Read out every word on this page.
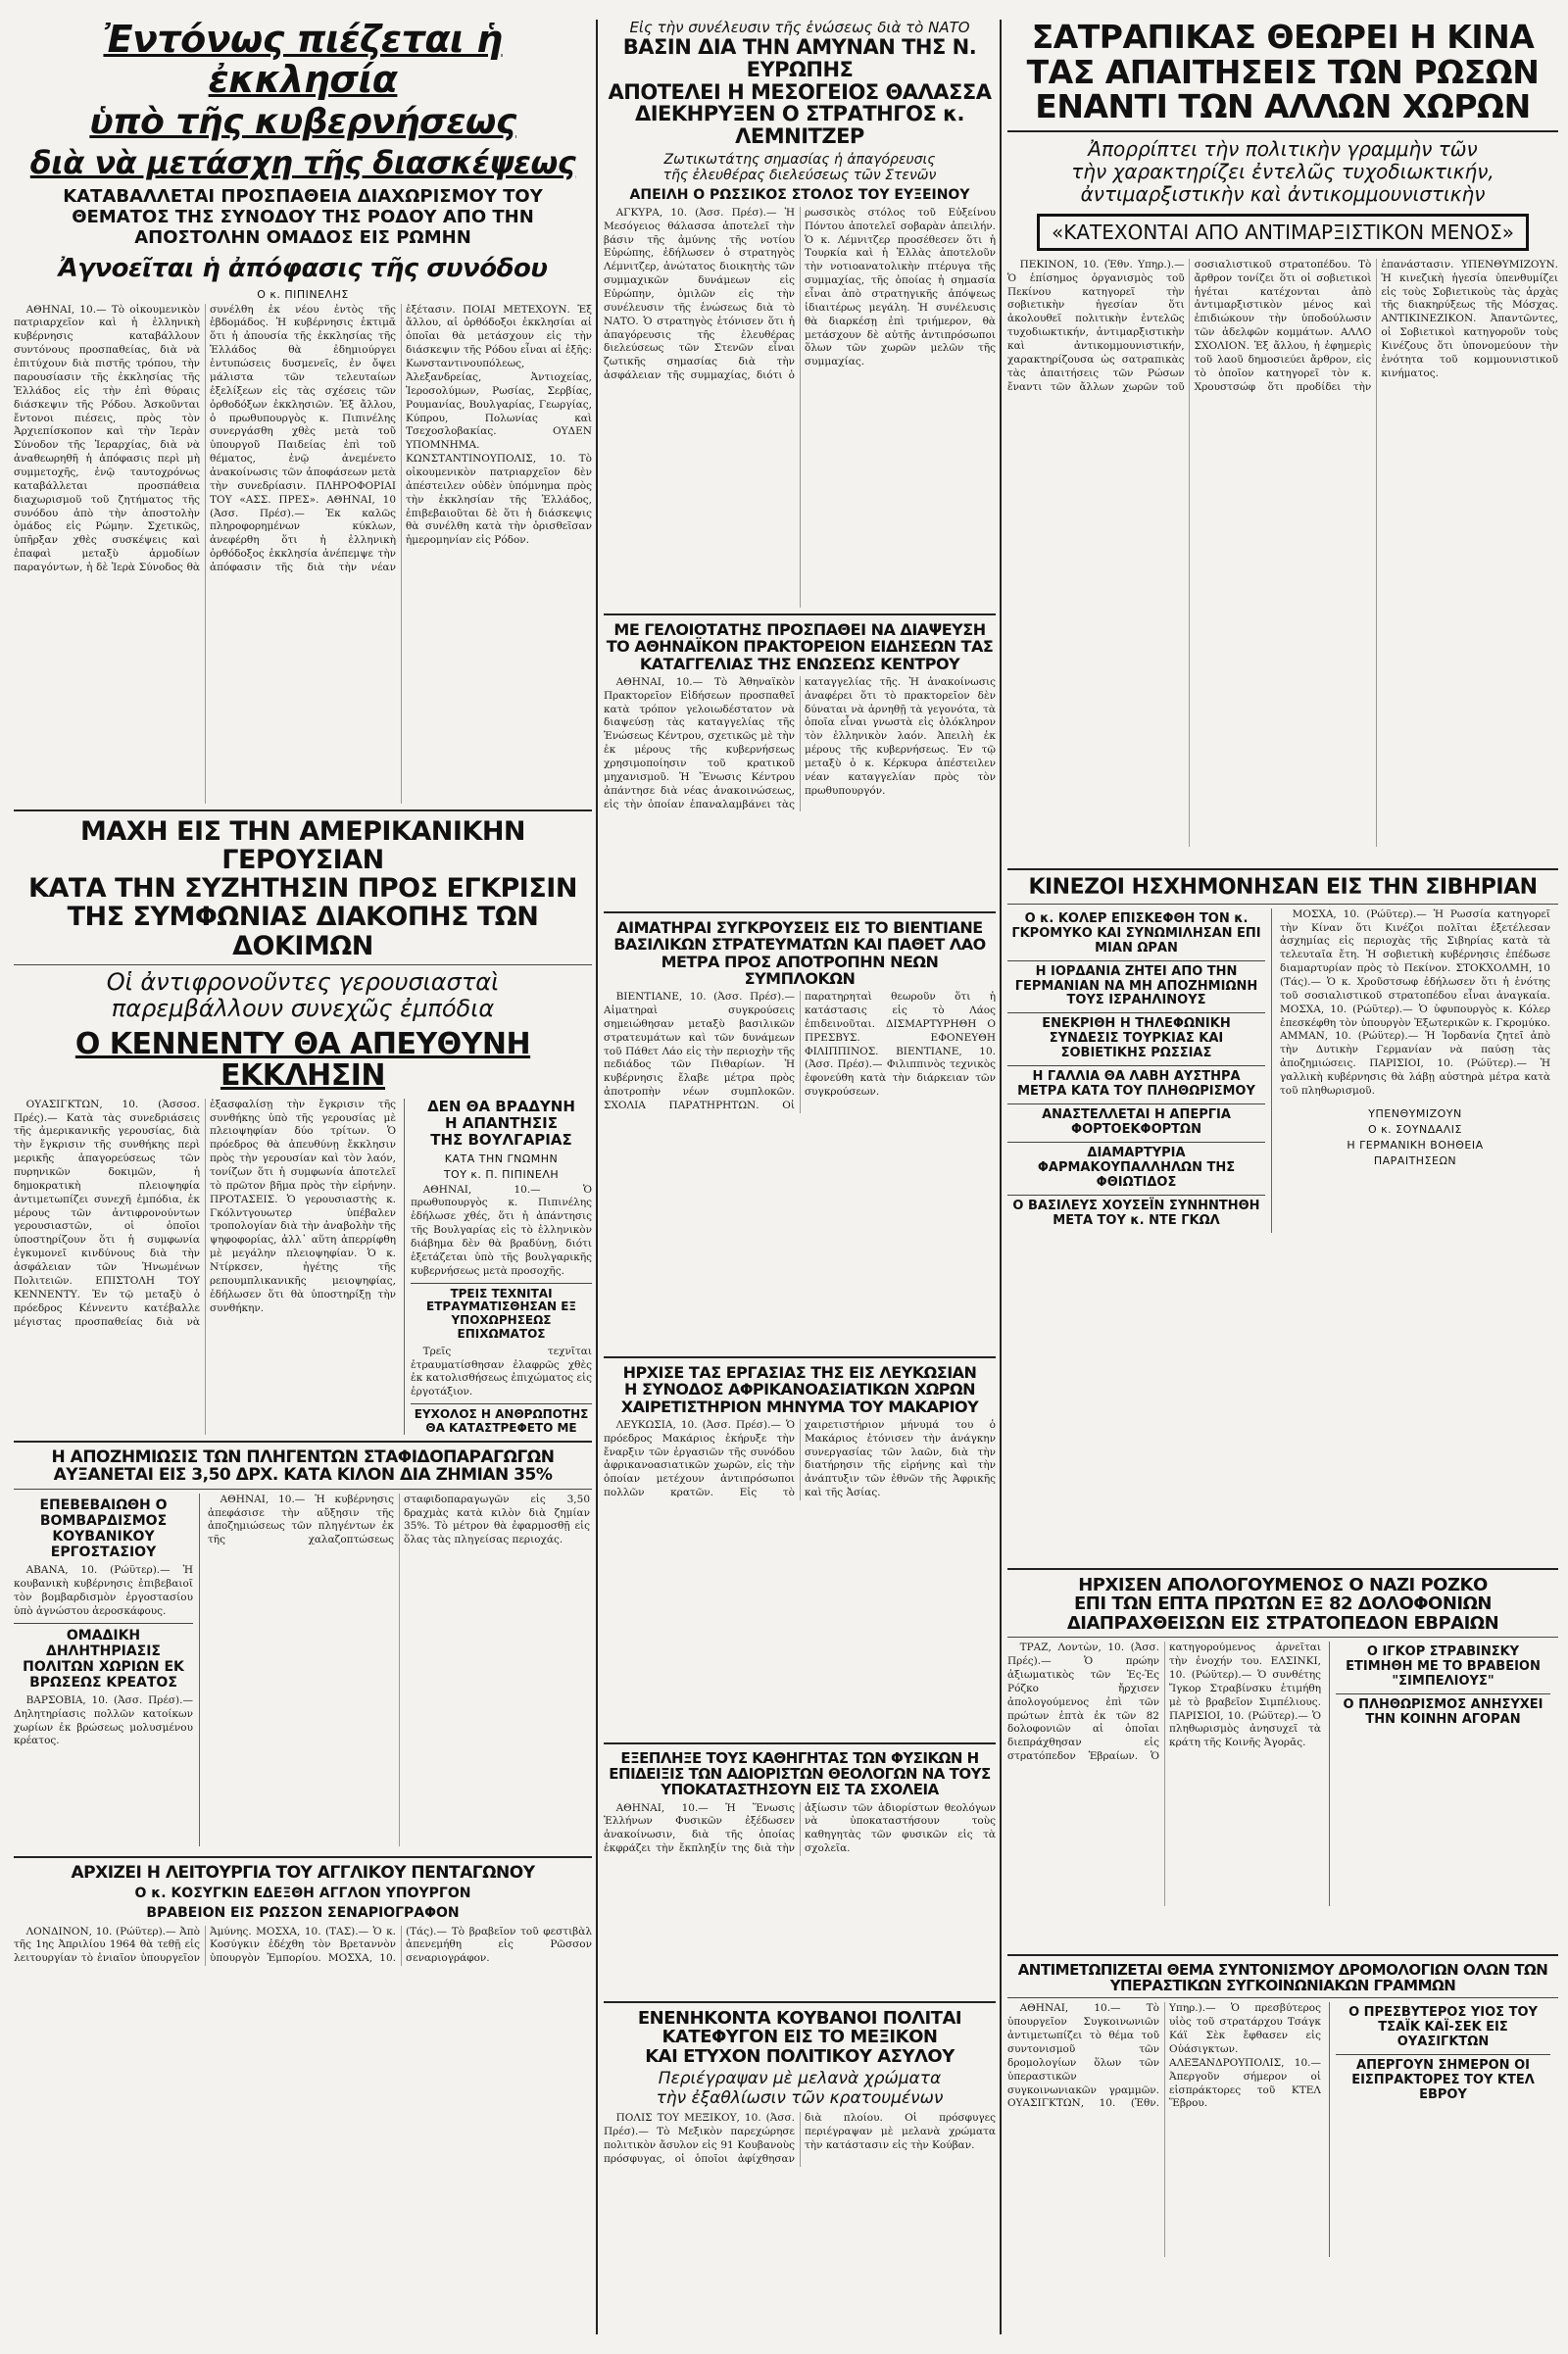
Ἐντόνως πιέζεται ἡ ἐκκλησία
ὑπὸ τῆς κυβερνήσεως
διὰ νὰ μετάσχη τῆς διασκέψεως
ΚΑΤΑΒΑΛΛΕΤΑΙ ΠΡΟΣΠΑΘΕΙΑ ΔΙΑΧΩΡΙΣΜΟΥ ΤΟΥ ΘΕΜΑΤΟΣ ΤΗΣ ΣΥΝΟΔΟΥ ΤΗΣ ΡΟΔΟΥ ΑΠΟ ΤΗΝ ΑΠΟΣΤΟΛΗΝ ΟΜΑΔΟΣ ΕΙΣ ΡΩΜΗΝ
Ἀγνοεῖται ἡ ἀπόφασις τῆς συνόδου
Ο κ. ΠΙΠΙΝΕΛΗΣ
ΑΘΗΝΑΙ, 10.— Τὸ οἰκουμενικὸν πατριαρχεῖον καὶ ἡ ἑλληνικὴ κυβέρνησις καταβάλλουν συντόνους προσπαθείας, διὰ νὰ ἐπιτύχουν διὰ πιστῆς τρόπου, τὴν παρουσίασιν τῆς ἐκκλησίας τῆς Ἑλλάδος εἰς τὴν ἐπὶ θύραις διάσκεψιν τῆς Ρόδου. Ἀσκοῦνται ἔντονοι πιέσεις, πρὸς τὸν Ἀρχιεπίσκοπον καὶ τὴν Ἱερὰν Σύνοδον τῆς Ἱεραρχίας, διὰ νὰ ἀναθεωρηθῆ ἡ ἀπόφασις περὶ μὴ συμμετοχῆς, ἐνῷ ταυτοχρόνως καταβάλλεται προσπάθεια διαχωρισμοῦ τοῦ ζητήματος τῆς συνόδου ἀπὸ τὴν ἀποστολὴν ὁμάδος εἰς Ρώμην. Σχετικῶς, ὑπῆρξαν χθὲς συσκέψεις καὶ ἐπαφαὶ μεταξὺ ἁρμοδίων παραγόντων, ἡ δὲ Ἱερὰ Σύνοδος θὰ συνέλθη ἐκ νέου ἐντὸς τῆς ἑβδομάδος. Ἡ κυβέρνησις ἐκτιμᾶ ὅτι ἡ ἀπουσία τῆς ἐκκλησίας τῆς Ἑλλάδος θὰ ἐδημιούργει ἐντυπώσεις δυσμενεῖς, ἐν ὄψει μάλιστα τῶν τελευταίων ἐξελίξεων εἰς τὰς σχέσεις τῶν ὀρθοδόξων ἐκκλησιῶν. Ἐξ ἄλλου, ὁ πρωθυπουργὸς κ. Πιπινέλης συνεργάσθη χθὲς μετὰ τοῦ ὑπουργοῦ Παιδείας ἐπὶ τοῦ θέματος, ἐνῷ ἀνεμένετο ἀνακοίνωσις τῶν ἀποφάσεων μετὰ τὴν συνεδρίασιν. ΠΛΗΡΟΦΟΡΙΑΙ ΤΟΥ «ΑΣΣ. ΠΡΕΣ». ΑΘΗΝΑΙ, 10 (Ἀσσ. Πρέσ).— Ἐκ καλῶς πληροφορημένων κύκλων, ἀνεφέρθη ὅτι ἡ ἑλληνικὴ ὀρθόδοξος ἐκκλησία ἀνέπεμψε τὴν ἀπόφασιν τῆς διὰ τὴν νέαν ἐξέτασιν. ΠΟΙΑΙ ΜΕΤΕΧΟΥΝ. Ἐξ ἄλλου, αἱ ὀρθόδοξοι ἐκκλησίαι αἱ ὁποῖαι θὰ μετάσχουν εἰς τὴν διάσκεψιν τῆς Ρόδου εἶναι αἱ ἐξῆς: Κωνσταντινουπόλεως, Ἀλεξανδρείας, Ἀντιοχείας, Ἱεροσολύμων, Ρωσίας, Σερβίας, Ρουμανίας, Βουλγαρίας, Γεωργίας, Κύπρου, Πολωνίας καὶ Τσεχοσλοβακίας. ΟΥΔΕΝ ΥΠΟΜΝΗΜΑ. ΚΩΝΣΤΑΝΤΙΝΟΥΠΟΛΙΣ, 10. Τὸ οἰκουμενικὸν πατριαρχεῖον δὲν ἀπέστειλεν οὐδὲν ὑπόμνημα πρὸς τὴν ἐκκλησίαν τῆς Ἑλλάδος, ἐπιβεβαιοῦται δὲ ὅτι ἡ διάσκεψις θὰ συνέλθη κατὰ τὴν ὁρισθεῖσαν ἡμερομηνίαν εἰς Ρόδον.
ΜΑΧΗ ΕΙΣ ΤΗΝ ΑΜΕΡΙΚΑΝΙΚΗΝ ΓΕΡΟΥΣΙΑΝ
ΚΑΤΑ ΤΗΝ ΣΥΖΗΤΗΣΙΝ ΠΡΟΣ ΕΓΚΡΙΣΙΝ
ΤΗΣ ΣΥΜΦΩΝΙΑΣ ΔΙΑΚΟΠΗΣ ΤΩΝ ΔΟΚΙΜΩΝ
Οἱ ἀντιφρονοῦντες γερουσιασταὶ
παρεμβάλλουν συνεχῶς ἐμπόδια
Ο ΚΕΝΝΕΝΤΥ ΘΑ ΑΠΕΥΘΥΝΗ ΕΚΚΛΗΣΙΝ
ΟΥΑΣΙΓΚΤΩΝ, 10. (Ἀσσοσ. Πρές).— Κατὰ τὰς συνεδριάσεις τῆς ἀμερικανικῆς γερουσίας, διὰ τὴν ἔγκρισιν τῆς συνθήκης περὶ μερικῆς ἀπαγορεύσεως τῶν πυρηνικῶν δοκιμῶν, ἡ δημοκρατικὴ πλειοψηφία ἀντιμετωπίζει συνεχῆ ἐμπόδια, ἐκ μέρους τῶν ἀντιφρονούντων γερουσιαστῶν, οἱ ὁποῖοι ὑποστηρίζουν ὅτι ἡ συμφωνία ἐγκυμονεῖ κινδύνους διὰ τὴν ἀσφάλειαν τῶν Ἡνωμένων Πολιτειῶν. ΕΠΙΣΤΟΛΗ ΤΟΥ ΚΕΝΝΕΝΤΥ. Ἐν τῷ μεταξὺ ὁ πρόεδρος Κέννεντυ κατέβαλλε μέγιστας προσπαθείας διὰ νὰ ἐξασφαλίσῃ τὴν ἔγκρισιν τῆς συνθήκης ὑπὸ τῆς γερουσίας μὲ πλειοψηφίαν δύο τρίτων. Ὁ πρόεδρος θὰ ἀπευθύνῃ ἔκκλησιν πρὸς τὴν γερουσίαν καὶ τὸν λαόν, τονίζων ὅτι ἡ συμφωνία ἀποτελεῖ τὸ πρῶτον βῆμα πρὸς τὴν εἰρήνην. ΠΡΟΤΑΣΕΙΣ. Ὁ γερουσιαστὴς κ. Γκόλντγουωτερ ὑπέβαλεν τροπολογίαν διὰ τὴν ἀναβολὴν τῆς ψηφοφορίας, ἀλλ᾿ αὕτη ἀπερρίφθη μὲ μεγάλην πλειοψηφίαν. Ὁ κ. Ντίρκσεν, ἡγέτης τῆς ρεπουμπλικανικῆς μειοψηφίας, ἐδήλωσεν ὅτι θὰ ὑποστηρίξῃ τὴν συνθήκην.
ΔΕΝ ΘΑ ΒΡΑΔΥΝΗ
Η ΑΠΑΝΤΗΣΙΣ
ΤΗΣ ΒΟΥΛΓΑΡΙΑΣ
ΚΑΤΑ ΤΗΝ ΓΝΩΜΗΝ
ΤΟΥ κ. Π. ΠΙΠΙΝΕΛΗ
ΑΘΗΝΑΙ, 10.— Ὁ πρωθυπουργὸς κ. Πιπινέλης ἐδήλωσε χθές, ὅτι ἡ ἀπάντησις τῆς Βουλγαρίας εἰς τὸ ἑλληνικὸν διάβημα δὲν θὰ βραδύνῃ, διότι ἐξετάζεται ὑπὸ τῆς βουλγαρικῆς κυβερνήσεως μετὰ προσοχῆς.
ΤΡΕΙΣ ΤΕΧΝΙΤΑΙ ΕΤΡΑΥΜΑΤΙΣΘΗΣΑΝ ΕΞ ΥΠΟΧΩΡΗΣΕΩΣ ΕΠΙΧΩΜΑΤΟΣ
Τρεῖς τεχνῖται ἐτραυματίσθησαν ἐλαφρῶς χθὲς ἐκ κατολισθήσεως ἐπιχώματος εἰς ἐργοτάξιον.
ΕΥΧΟΛΟΣ Η ΑΝΘΡΩΠΟΤΗΣ ΘΑ ΚΑΤΑΣΤΡΕΦΕΤΟ ΜΕ
Η ΑΠΟΖΗΜΙΩΣΙΣ ΤΩΝ ΠΛΗΓΕΝΤΩΝ ΣΤΑΦΙΔΟΠΑΡΑΓΩΓΩΝ ΑΥΞΑΝΕΤΑΙ ΕΙΣ 3,50 ΔΡΧ. ΚΑΤΑ ΚΙΛΟΝ ΔΙΑ ΖΗΜΙΑΝ 35%
ΕΠΕΒΕΒΑΙΩΘΗ Ο ΒΟΜΒΑΡΔΙΣΜΟΣ ΚΟΥΒΑΝΙΚΟΥ ΕΡΓΟΣΤΑΣΙΟΥ
ΑΒΑΝΑ, 10. (Ρώϋτερ).— Ἡ κουβανικὴ κυβέρνησις ἐπιβεβαιοῖ τὸν βομβαρδισμὸν ἐργοστασίου ὑπὸ ἀγνώστου ἀεροσκάφους.
ΟΜΑΔΙΚΗ ΔΗΛΗΤΗΡΙΑΣΙΣ ΠΟΛΙΤΩΝ ΧΩΡΙΩΝ ΕΚ ΒΡΩΣΕΩΣ ΚΡΕΑΤΟΣ
ΒΑΡΣΟΒΙΑ, 10. (Ἀσσ. Πρέσ).— Δηλητηρίασις πολλῶν κατοίκων χωρίων ἐκ βρώσεως μολυσμένου κρέατος.
ΑΘΗΝΑΙ, 10.— Ἡ κυβέρνησις ἀπεφάσισε τὴν αὔξησιν τῆς ἀποζημιώσεως τῶν πληγέντων ἐκ τῆς χαλαζοπτώσεως σταφιδοπαραγωγῶν εἰς 3,50 δραχμὰς κατὰ κιλὸν διὰ ζημίαν 35%. Τὸ μέτρον θὰ ἐφαρμοσθῇ εἰς ὅλας τὰς πληγείσας περιοχάς.
ΑΡΧΙΖΕΙ Η ΛΕΙΤΟΥΡΓΙΑ ΤΟΥ ΑΓΓΛΙΚΟΥ ΠΕΝΤΑΓΩΝΟΥ
Ο κ. ΚΟΣΥΓΚΙΝ ΕΔΕΞΘΗ ΑΓΓΛΟΝ ΥΠΟΥΡΓΟΝ
ΒΡΑΒΕΙΟΝ ΕΙΣ ΡΩΣΣΟΝ ΣΕΝΑΡΙΟΓΡΑΦΟΝ
ΛΟΝΔΙΝΟΝ, 10. (Ρώϋτερ).— Ἀπὸ τῆς 1ης Ἀπριλίου 1964 θὰ τεθῇ εἰς λειτουργίαν τὸ ἑνιαῖον ὑπουργεῖον Ἀμύνης. ΜΟΣΧΑ, 10. (ΤΑΣ).— Ὁ κ. Κοσύγκιν ἐδέχθη τὸν Βρεταννὸν ὑπουργὸν Ἐμπορίου. ΜΟΣΧΑ, 10. (Τάς).— Τὸ βραβεῖον τοῦ φεστιβὰλ ἀπενεμήθη εἰς Ρῶσσον σεναριογράφον.
Εἰς τὴν συνέλευσιν τῆς ἑνώσεως διὰ τὸ ΝΑΤΟ
ΒΑΣΙΝ ΔΙΑ ΤΗΝ ΑΜΥΝΑΝ ΤΗΣ Ν. ΕΥΡΩΠΗΣ
ΑΠΟΤΕΛΕΙ Η ΜΕΣΟΓΕΙΟΣ ΘΑΛΑΣΣΑ
ΔΙΕΚΗΡΥΞΕΝ Ο ΣΤΡΑΤΗΓΟΣ κ. ΛΕΜΝΙΤΖΕΡ
Ζωτικωτάτης σημασίας ἡ ἀπαγόρευσις
τῆς ἐλευθέρας διελεύσεως τῶν Στενῶν
ΑΠΕΙΛΗ Ο ΡΩΣΣΙΚΟΣ ΣΤΟΛΟΣ ΤΟΥ ΕΥΞΕΙΝΟΥ
ΑΓΚΥΡΑ, 10. (Ἀσσ. Πρέσ).— Ἡ Μεσόγειος θάλασσα ἀποτελεῖ τὴν βάσιν τῆς ἀμύνης τῆς νοτίου Εὐρώπης, ἐδήλωσεν ὁ στρατηγὸς Λέμνιτζερ, ἀνώτατος διοικητὴς τῶν συμμαχικῶν δυνάμεων εἰς Εὐρώπην, ὁμιλῶν εἰς τὴν συνέλευσιν τῆς ἑνώσεως διὰ τὸ ΝΑΤΟ. Ὁ στρατηγὸς ἐτόνισεν ὅτι ἡ ἀπαγόρευσις τῆς ἐλευθέρας διελεύσεως τῶν Στενῶν εἶναι ζωτικῆς σημασίας διὰ τὴν ἀσφάλειαν τῆς συμμαχίας, διότι ὁ ρωσσικὸς στόλος τοῦ Εὐξείνου Πόντου ἀποτελεῖ σοβαρὰν ἀπειλήν. Ὁ κ. Λέμνιτζερ προσέθεσεν ὅτι ἡ Τουρκία καὶ ἡ Ἑλλὰς ἀποτελοῦν τὴν νοτιοανατολικὴν πτέρυγα τῆς συμμαχίας, τῆς ὁποίας ἡ σημασία εἶναι ἀπὸ στρατηγικῆς ἀπόψεως ἰδιαιτέρως μεγάλη. Ἡ συνέλευσις θὰ διαρκέσῃ ἐπὶ τριήμερον, θὰ μετάσχουν δὲ αὐτῆς ἀντιπρόσωποι ὅλων τῶν χωρῶν μελῶν τῆς συμμαχίας.
ΜΕ ΓΕΛΟΙΟΤΑΤΗΣ ΠΡΟΣΠΑΘΕΙ ΝΑ ΔΙΑΨΕΥΣΗ ΤΟ ΑΘΗΝΑΪΚΟΝ ΠΡΑΚΤΟΡΕΙΟΝ ΕΙΔΗΣΕΩΝ ΤΑΣ ΚΑΤΑΓΓΕΛΙΑΣ ΤΗΣ ΕΝΩΣΕΩΣ ΚΕΝΤΡΟΥ
ΑΘΗΝΑΙ, 10.— Τὸ Ἀθηναϊκὸν Πρακτορεῖον Εἰδήσεων προσπαθεῖ κατὰ τρόπον γελοιωδέστατον νὰ διαψεύσῃ τὰς καταγγελίας τῆς Ἑνώσεως Κέντρου, σχετικῶς μὲ τὴν ἐκ μέρους τῆς κυβερνήσεως χρησιμοποίησιν τοῦ κρατικοῦ μηχανισμοῦ. Ἡ Ἕνωσις Κέντρου ἀπάντησε διὰ νέας ἀνακοινώσεως, εἰς τὴν ὁποίαν ἐπαναλαμβάνει τὰς καταγγελίας τῆς. Ἡ ἀνακοίνωσις ἀναφέρει ὅτι τὸ πρακτορεῖον δὲν δύναται νὰ ἀρνηθῇ τὰ γεγονότα, τὰ ὁποῖα εἶναι γνωστὰ εἰς ὁλόκληρον τὸν ἑλληνικὸν λαόν. Ἀπειλὴ ἐκ μέρους τῆς κυβερνήσεως. Ἐν τῷ μεταξὺ ὁ κ. Κέρκυρα ἀπέστειλεν νέαν καταγγελίαν πρὸς τὸν πρωθυπουργόν.
ΑΙΜΑΤΗΡΑΙ ΣΥΓΚΡΟΥΣΕΙΣ ΕΙΣ ΤΟ ΒΙΕΝΤΙΑΝΕ
ΒΑΣΙΛΙΚΩΝ ΣΤΡΑΤΕΥΜΑΤΩΝ ΚΑΙ ΠΑΘΕΤ ΛΑΟ
ΜΕΤΡΑ ΠΡΟΣ ΑΠΟΤΡΟΠΗΝ ΝΕΩΝ ΣΥΜΠΛΟΚΩΝ
ΒΙΕΝΤΙΑΝΕ, 10. (Ἀσσ. Πρέσ).— Αἱματηραὶ συγκρούσεις σημειώθησαν μεταξὺ βασιλικῶν στρατευμάτων καὶ τῶν δυνάμεων τοῦ Πάθετ Λάο εἰς τὴν περιοχὴν τῆς πεδιάδος τῶν Πιθαρίων. Ἡ κυβέρνησις ἔλαβε μέτρα πρὸς ἀποτροπὴν νέων συμπλοκῶν. ΣΧΟΛΙΑ ΠΑΡΑΤΗΡΗΤΩΝ. Οἱ παρατηρηταὶ θεωροῦν ὅτι ἡ κατάστασις εἰς τὸ Λάος ἐπιδεινοῦται. ΔΙΣΜΑΡΤΥΡΗΘΗ Ο ΠΡΕΣΒΥΣ. ΕΦΟΝΕΥΘΗ ΦΙΛΙΠΠΙΝΟΣ. ΒΙΕΝΤΙΑΝΕ, 10. (Ἀσσ. Πρέσ).— Φιλιππινὸς τεχνικὸς ἐφονεύθη κατὰ τὴν διάρκειαν τῶν συγκρούσεων.
ΗΡΧΙΣΕ ΤΑΣ ΕΡΓΑΣΙΑΣ ΤΗΣ ΕΙΣ ΛΕΥΚΩΣΙΑΝ
Η ΣΥΝΟΔΟΣ ΑΦΡΙΚΑΝΟΑΣΙΑΤΙΚΩΝ ΧΩΡΩΝ
ΧΑΙΡΕΤΙΣΤΗΡΙΟΝ ΜΗΝΥΜΑ ΤΟΥ ΜΑΚΑΡΙΟΥ
ΛΕΥΚΩΣΙΑ, 10. (Ἀσσ. Πρέσ).— Ὁ πρόεδρος Μακάριος ἐκήρυξε τὴν ἔναρξιν τῶν ἐργασιῶν τῆς συνόδου ἀφρικανοασιατικῶν χωρῶν, εἰς τὴν ὁποίαν μετέχουν ἀντιπρόσωποι πολλῶν κρατῶν. Εἰς τὸ χαιρετιστήριον μήνυμά του ὁ Μακάριος ἐτόνισεν τὴν ἀνάγκην συνεργασίας τῶν λαῶν, διὰ τὴν διατήρησιν τῆς εἰρήνης καὶ τὴν ἀνάπτυξιν τῶν ἐθνῶν τῆς Ἀφρικῆς καὶ τῆς Ἀσίας.
ΕΞΕΠΛΗΞΕ ΤΟΥΣ ΚΑΘΗΓΗΤΑΣ ΤΩΝ ΦΥΣΙΚΩΝ Η ΕΠΙΔΕΙΞΙΣ ΤΩΝ ΑΔΙΟΡΙΣΤΩΝ ΘΕΟΛΟΓΩΝ ΝΑ ΤΟΥΣ ΥΠΟΚΑΤΑΣΤΗΣΟΥΝ ΕΙΣ ΤΑ ΣΧΟΛΕΙΑ
ΑΘΗΝΑΙ, 10.— Ἡ Ἕνωσις Ἑλλήνων Φυσικῶν ἐξέδωσεν ἀνακοίνωσιν, διὰ τῆς ὁποίας ἐκφράζει τὴν ἔκπληξίν της διὰ τὴν ἀξίωσιν τῶν ἀδιορίστων θεολόγων νὰ ὑποκαταστήσουν τοὺς καθηγητὰς τῶν φυσικῶν εἰς τὰ σχολεῖα.
ΕΝΕΝΗΚΟΝΤΑ ΚΟΥΒΑΝΟΙ ΠΟΛΙΤΑΙ
ΚΑΤΕΦΥΓΟΝ ΕΙΣ ΤΟ ΜΕΞΙΚΟΝ
ΚΑΙ ΕΤΥΧΟΝ ΠΟΛΙΤΙΚΟΥ ΑΣΥΛΟΥ
Περιέγραψαν μὲ μελανὰ χρώματα
τὴν ἐξαθλίωσιν τῶν κρατουμένων
ΠΟΛΙΣ ΤΟΥ ΜΕΞΙΚΟΥ, 10. (Ἀσσ. Πρέσ).— Τὸ Μεξικὸν παρεχώρησε πολιτικὸν ἄσυλον εἰς 91 Κουβανοὺς πρόσφυγας, οἱ ὁποῖοι ἀφίχθησαν διὰ πλοίου. Οἱ πρόσφυγες περιέγραψαν μὲ μελανὰ χρώματα τὴν κατάστασιν εἰς τὴν Κούβαν.
ΣΑΤΡΑΠΙΚΑΣ ΘΕΩΡΕΙ Η ΚΙΝΑ
ΤΑΣ ΑΠΑΙΤΗΣΕΙΣ ΤΩΝ ΡΩΣΩΝ
ΕΝΑΝΤΙ ΤΩΝ ΑΛΛΩΝ ΧΩΡΩΝ
Ἀπορρίπτει τὴν πολιτικὴν γραμμὴν τῶν
τὴν χαρακτηρίζει ἐντελῶς τυχοδιωκτικήν,
ἀντιμαρξιστικὴν καὶ ἀντικομμουνιστικὴν
«ΚΑΤΕΧΟΝΤΑΙ ΑΠΟ ΑΝΤΙΜΑΡΞΙΣΤΙΚΟΝ ΜΕΝΟΣ»
ΠΕΚΙΝΟΝ, 10. (Ἐθν. Υπηρ.).— Ὁ ἐπίσημος ὀργανισμὸς τοῦ Πεκίνου κατηγορεῖ τὴν σοβιετικὴν ἡγεσίαν ὅτι ἀκολουθεῖ πολιτικὴν ἐντελῶς τυχοδιωκτικήν, ἀντιμαρξιστικὴν καὶ ἀντικομμουνιστικήν, χαρακτηρίζουσα ὡς σατραπικὰς τὰς ἀπαιτήσεις τῶν Ρώσων ἔναντι τῶν ἄλλων χωρῶν τοῦ σοσιαλιστικοῦ στρατοπέδου. Τὸ ἄρθρον τονίζει ὅτι οἱ σοβιετικοὶ ἡγέται κατέχονται ἀπὸ ἀντιμαρξιστικὸν μένος καὶ ἐπιδιώκουν τὴν ὑποδούλωσιν τῶν ἀδελφῶν κομμάτων. ΑΛΛΟ ΣΧΟΛΙΟΝ. Ἐξ ἄλλου, ἡ ἐφημερὶς τοῦ λαοῦ δημοσιεύει ἄρθρον, εἰς τὸ ὁποῖον κατηγορεῖ τὸν κ. Χρουστσώφ ὅτι προδίδει τὴν ἐπανάστασιν. ΥΠΕΝΘΥΜΙΖΟΥΝ. Ἡ κινεζικὴ ἡγεσία ὑπενθυμίζει εἰς τοὺς Σοβιετικοὺς τὰς ἀρχὰς τῆς διακηρύξεως τῆς Μόσχας. ΑΝΤΙΚΙΝΕΖΙΚΟΝ. Ἀπαντῶντες, οἱ Σοβιετικοὶ κατηγοροῦν τοὺς Κινέζους ὅτι ὑπονομεύουν τὴν ἑνότητα τοῦ κομμουνιστικοῦ κινήματος.
ΚΙΝΕΖΟΙ ΗΣΧΗΜΟΝΗΣΑΝ ΕΙΣ ΤΗΝ ΣΙΒΗΡΙΑΝ
Ο κ. ΚΟΛΕΡ ΕΠΙΣΚΕΦΘΗ ΤΟΝ κ. ΓΚΡΟΜΥΚΟ ΚΑΙ ΣΥΝΩΜΙΛΗΣΑΝ ΕΠΙ ΜΙΑΝ ΩΡΑΝ
Η ΙΟΡΔΑΝΙΑ ΖΗΤΕΙ ΑΠΟ ΤΗΝ ΓΕΡΜΑΝΙΑΝ ΝΑ ΜΗ ΑΠΟΖΗΜΙΩΝΗ ΤΟΥΣ ΙΣΡΑΗΛΙΝΟΥΣ
ΕΝΕΚΡΙΘΗ Η ΤΗΛΕΦΩΝΙΚΗ ΣΥΝΔΕΣΙΣ ΤΟΥΡΚΙΑΣ ΚΑΙ ΣΟΒΙΕΤΙΚΗΣ ΡΩΣΣΙΑΣ
Η ΓΑΛΛΙΑ ΘΑ ΛΑΒΗ ΑΥΣΤΗΡΑ ΜΕΤΡΑ ΚΑΤΑ ΤΟΥ ΠΛΗΘΩΡΙΣΜΟΥ
ΑΝΑΣΤΕΛΛΕΤΑΙ Η ΑΠΕΡΓΙΑ ΦΟΡΤΟΕΚΦΟΡΤΩΝ
ΔΙΑΜΑΡΤΥΡΙΑ ΦΑΡΜΑΚΟΥΠΑΛΛΗΛΩΝ ΤΗΣ ΦΘΙΩΤΙΔΟΣ
Ο ΒΑΣΙΛΕΥΣ ΧΟΥΣΕΪΝ ΣΥΝΗΝΤΗΘΗ ΜΕΤΑ ΤΟΥ κ. ΝΤΕ ΓΚΩΛ
ΜΟΣΧΑ, 10. (Ρώϋτερ).— Ἡ Ρωσσία κατηγορεῖ τὴν Κίναν ὅτι Κινέζοι πολῖται ἐξετέλεσαν ἀσχημίας εἰς περιοχὰς τῆς Σιβηρίας κατὰ τὰ τελευταῖα ἔτη. Ἡ σοβιετικὴ κυβέρνησις ἐπέδωσε διαμαρτυρίαν πρὸς τὸ Πεκίνον. ΣΤΟΚΧΟΛΜΗ, 10 (Τάς).— Ὁ κ. Χροῦστσωφ ἐδήλωσεν ὅτι ἡ ἑνότης τοῦ σοσιαλιστικοῦ στρατοπέδου εἶναι ἀναγκαία. ΜΟΣΧΑ, 10. (Ρώϋτερ).— Ὁ ὑφυπουργὸς κ. Κόλερ ἐπεσκέφθη τὸν ὑπουργὸν Ἐξωτερικῶν κ. Γκρομύκο. ΑΜΜΑΝ, 10. (Ρώϋτερ).— Ἡ Ἰορδανία ζητεῖ ἀπὸ τὴν Δυτικὴν Γερμανίαν νὰ παύσῃ τὰς ἀποζημιώσεις. ΠΑΡΙΣΙΟΙ, 10. (Ρώϋτερ).— Ἡ γαλλικὴ κυβέρνησις θὰ λάβῃ αὐστηρὰ μέτρα κατὰ τοῦ πληθωρισμοῦ.
ΥΠΕΝΘΥΜΙΖΟΥΝ
Ο κ. ΣΟΥΝΔΑΛΙΣ
Η ΓΕΡΜΑΝΙΚΗ ΒΟΗΘΕΙΑ
ΠΑΡΑΙΤΗΣΕΩΝ
ΗΡΧΙΣΕΝ ΑΠΟΛΟΓΟΥΜΕΝΟΣ Ο ΝΑΖΙ ΡΟΖΚΟ
ΕΠΙ ΤΩΝ ΕΠΤΑ ΠΡΩΤΩΝ ΕΞ 82 ΔΟΛΟΦΟΝΙΩΝ
ΔΙΑΠΡΑΧΘΕΙΣΩΝ ΕΙΣ ΣΤΡΑΤΟΠΕΔΟΝ ΕΒΡΑΙΩΝ
ΤΡΑΖ, Λοντὼν, 10. (Ἀσσ. Πρές).— Ὁ πρώην ἀξιωματικὸς τῶν Ἐς-Ἐς Ρόζκο ἤρχισεν ἀπολογούμενος ἐπὶ τῶν πρώτων ἑπτὰ ἐκ τῶν 82 δολοφονιῶν αἱ ὁποῖαι διεπράχθησαν εἰς στρατόπεδον Ἑβραίων. Ὁ κατηγορούμενος ἀρνεῖται τὴν ἐνοχήν του. ΕΛΣΙΝΚΙ, 10. (Ρώϋτερ).— Ὁ συνθέτης Ἴγκορ Στραβίνσκυ ἐτιμήθη μὲ τὸ βραβεῖον Σιμπέλιους. ΠΑΡΙΣΙΟΙ, 10. (Ρώϋτερ).— Ὁ πληθωρισμὸς ἀνησυχεῖ τὰ κράτη τῆς Κοινῆς Ἀγορᾶς.
Ο ΙΓΚΟΡ ΣΤΡΑΒΙΝΣΚΥ ΕΤΙΜΗΘΗ ΜΕ ΤΟ ΒΡΑΒΕΙΟΝ "ΣΙΜΠΕΛΙΟΥΣ"
Ο ΠΛΗΘΩΡΙΣΜΟΣ ΑΝΗΣΥΧΕΙ ΤΗΝ ΚΟΙΝΗΝ ΑΓΟΡΑΝ
ΑΝΤΙΜΕΤΩΠΙΖΕΤΑΙ ΘΕΜΑ ΣΥΝΤΟΝΙΣΜΟΥ ΔΡΟΜΟΛΟΓΙΩΝ ΟΛΩΝ ΤΩΝ ΥΠΕΡΑΣΤΙΚΩΝ ΣΥΓΚΟΙΝΩΝΙΑΚΩΝ ΓΡΑΜΜΩΝ
ΑΘΗΝΑΙ, 10.— Τὸ ὑπουργεῖον Συγκοινωνιῶν ἀντιμετωπίζει τὸ θέμα τοῦ συντονισμοῦ τῶν δρομολογίων ὅλων τῶν ὑπεραστικῶν συγκοινωνιακῶν γραμμῶν. ΟΥΑΣΙΓΚΤΩΝ, 10. (Ἐθν. Υπηρ.).— Ὁ πρεσβύτερος υἱὸς τοῦ στρατάρχου Τσάγκ Κάϊ Σὲκ ἔφθασεν εἰς Οὐάσιγκτων. ΑΛΕΞΑΝΔΡΟΥΠΟΛΙΣ, 10.— Ἀπεργοῦν σήμερον οἱ εἰσπράκτορες τοῦ ΚΤΕΛ Ἕβρου.
Ο ΠΡΕΣΒΥΤΕΡΟΣ ΥΙΟΣ ΤΟΥ ΤΣΑΪΚ ΚΑΪ-ΣΕΚ ΕΙΣ ΟΥΑΣΙΓΚΤΩΝ
ΑΠΕΡΓΟΥΝ ΣΗΜΕΡΟΝ ΟΙ ΕΙΣΠΡΑΚΤΟΡΕΣ ΤΟΥ ΚΤΕΛ ΕΒΡΟΥ
